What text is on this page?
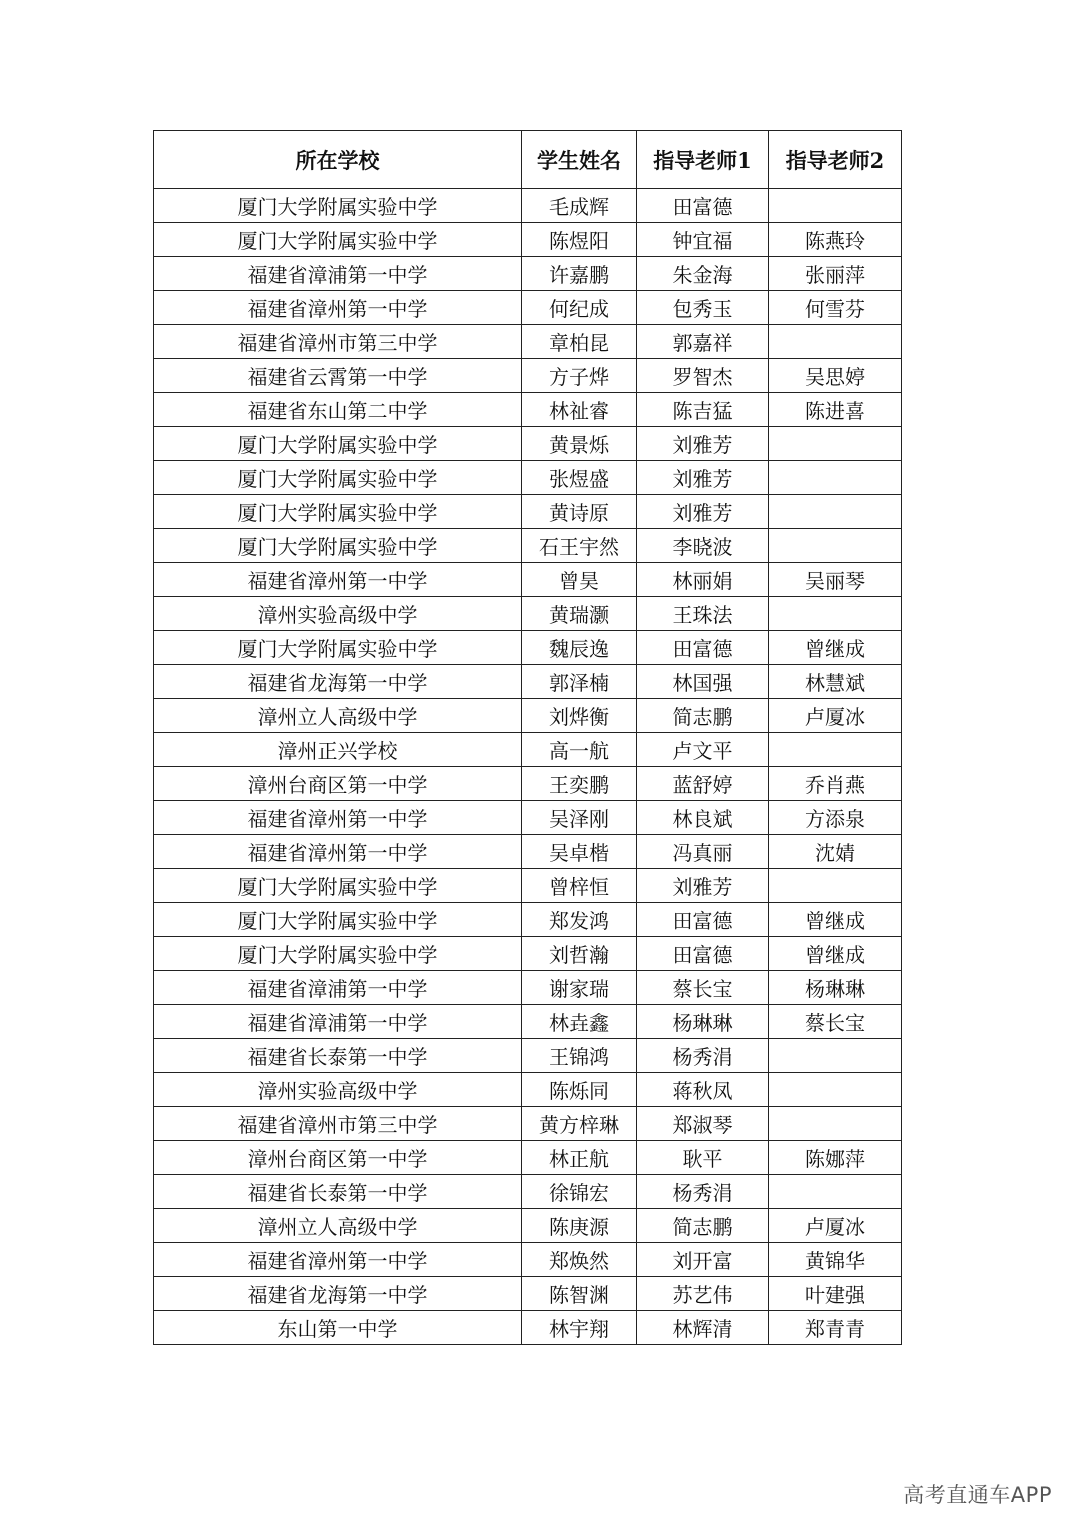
所在学校	学生姓名	指导老师1	指导老师2
厦门大学附属实验中学	毛成辉	田富德	
厦门大学附属实验中学	陈煜阳	钟宜福	陈燕玲
福建省漳浦第一中学	许嘉鹏	朱金海	张丽萍
福建省漳州第一中学	何纪成	包秀玉	何雪芬
福建省漳州市第三中学	章柏昆	郭嘉祥	
福建省云霄第一中学	方子烨	罗智杰	吴思婷
福建省东山第二中学	林祉睿	陈吉猛	陈进喜
厦门大学附属实验中学	黄景烁	刘雅芳	
厦门大学附属实验中学	张煜盛	刘雅芳	
厦门大学附属实验中学	黄诗原	刘雅芳	
厦门大学附属实验中学	石王宇然	李晓波	
福建省漳州第一中学	曾昊	林丽娟	吴丽琴
漳州实验高级中学	黄瑞灏	王珠法	
厦门大学附属实验中学	魏辰逸	田富德	曾继成
福建省龙海第一中学	郭泽楠	林国强	林慧斌
漳州立人高级中学	刘烨衡	简志鹏	卢厦冰
漳州正兴学校	高一航	卢文平	
漳州台商区第一中学	王奕鹏	蓝舒婷	乔肖燕
福建省漳州第一中学	吴泽刚	林良斌	方添泉
福建省漳州第一中学	吴卓楷	冯真丽	沈婧
厦门大学附属实验中学	曾梓恒	刘雅芳	
厦门大学附属实验中学	郑发鸿	田富德	曾继成
厦门大学附属实验中学	刘哲瀚	田富德	曾继成
福建省漳浦第一中学	谢家瑞	蔡长宝	杨琳琳
福建省漳浦第一中学	林垚鑫	杨琳琳	蔡长宝
福建省长泰第一中学	王锦鸿	杨秀涓	
漳州实验高级中学	陈烁同	蒋秋凤	
福建省漳州市第三中学	黄方梓琳	郑淑琴	
漳州台商区第一中学	林正航	耿平	陈娜萍
福建省长泰第一中学	徐锦宏	杨秀涓	
漳州立人高级中学	陈庚源	简志鹏	卢厦冰
福建省漳州第一中学	郑焕然	刘开富	黄锦华
福建省龙海第一中学	陈智渊	苏艺伟	叶建强
东山第一中学	林宇翔	林辉清	郑青青
高考直通车APP
